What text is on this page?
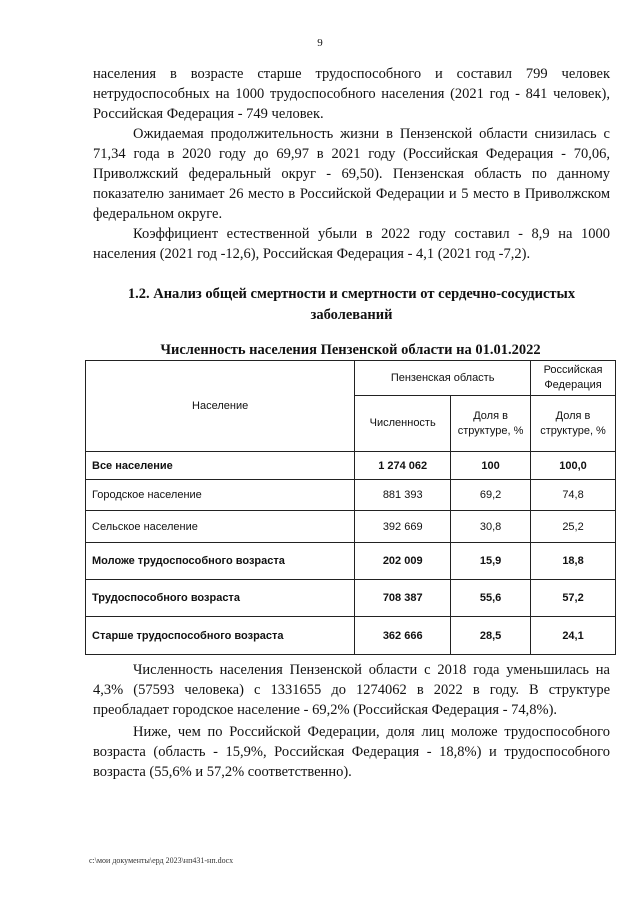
9

населения в возрасте старше трудоспособного и составил 799 человек нетрудоспособных на 1000 трудоспособного населения (2021 год - 841 человек), Российская Федерация - 749 человек.

Ожидаемая продолжительность жизни в Пензенской области снизилась с 71,34 года в 2020 году до 69,97 в 2021 году (Российская Федерация - 70,06, Приволжский федеральный округ - 69,50). Пензенская область по данному показателю занимает 26 место в Российской Федерации и 5 место в Приволжском федеральном округе.

Коэффициент естественной убыли в 2022 году составил - 8,9 на 1000 населения (2021 год -12,6), Российская Федерация - 4,1 (2021 год -7,2).

1.2. Анализ общей смертности и смертности от сердечно-сосудистых заболеваний
Численность населения Пензенской области на 01.01.2022
Население	Пензенская область		Российская Федерация
	Численность	Доля в структуре, %	Доля в структуре, %
Все население	1 274 062	100	100,0
Городское население	881 393	69,2	74,8
Сельское население	392 669	30,8	25,2
Моложе трудоспособного возраста	202 009	15,9	18,8
Трудоспособного возраста	708 387	55,6	57,2
Старше трудоспособного возраста	362 666	28,5	24,1

Численность населения Пензенской области с 2018 года уменьшилась на 4,3% (57593 человека) с 1331655 до 1274062 в 2022 в году. В структуре преобладает городское население - 69,2% (Российская Федерация - 74,8%).

Ниже, чем по Российской Федерации, доля лиц моложе трудоспособного возраста (область - 15,9%, Российская Федерация - 18,8%) и трудоспособного возраста (55,6% и 57,2% соответственно).

c:\мои документы\ерд 2023\нп431-нп.docx
